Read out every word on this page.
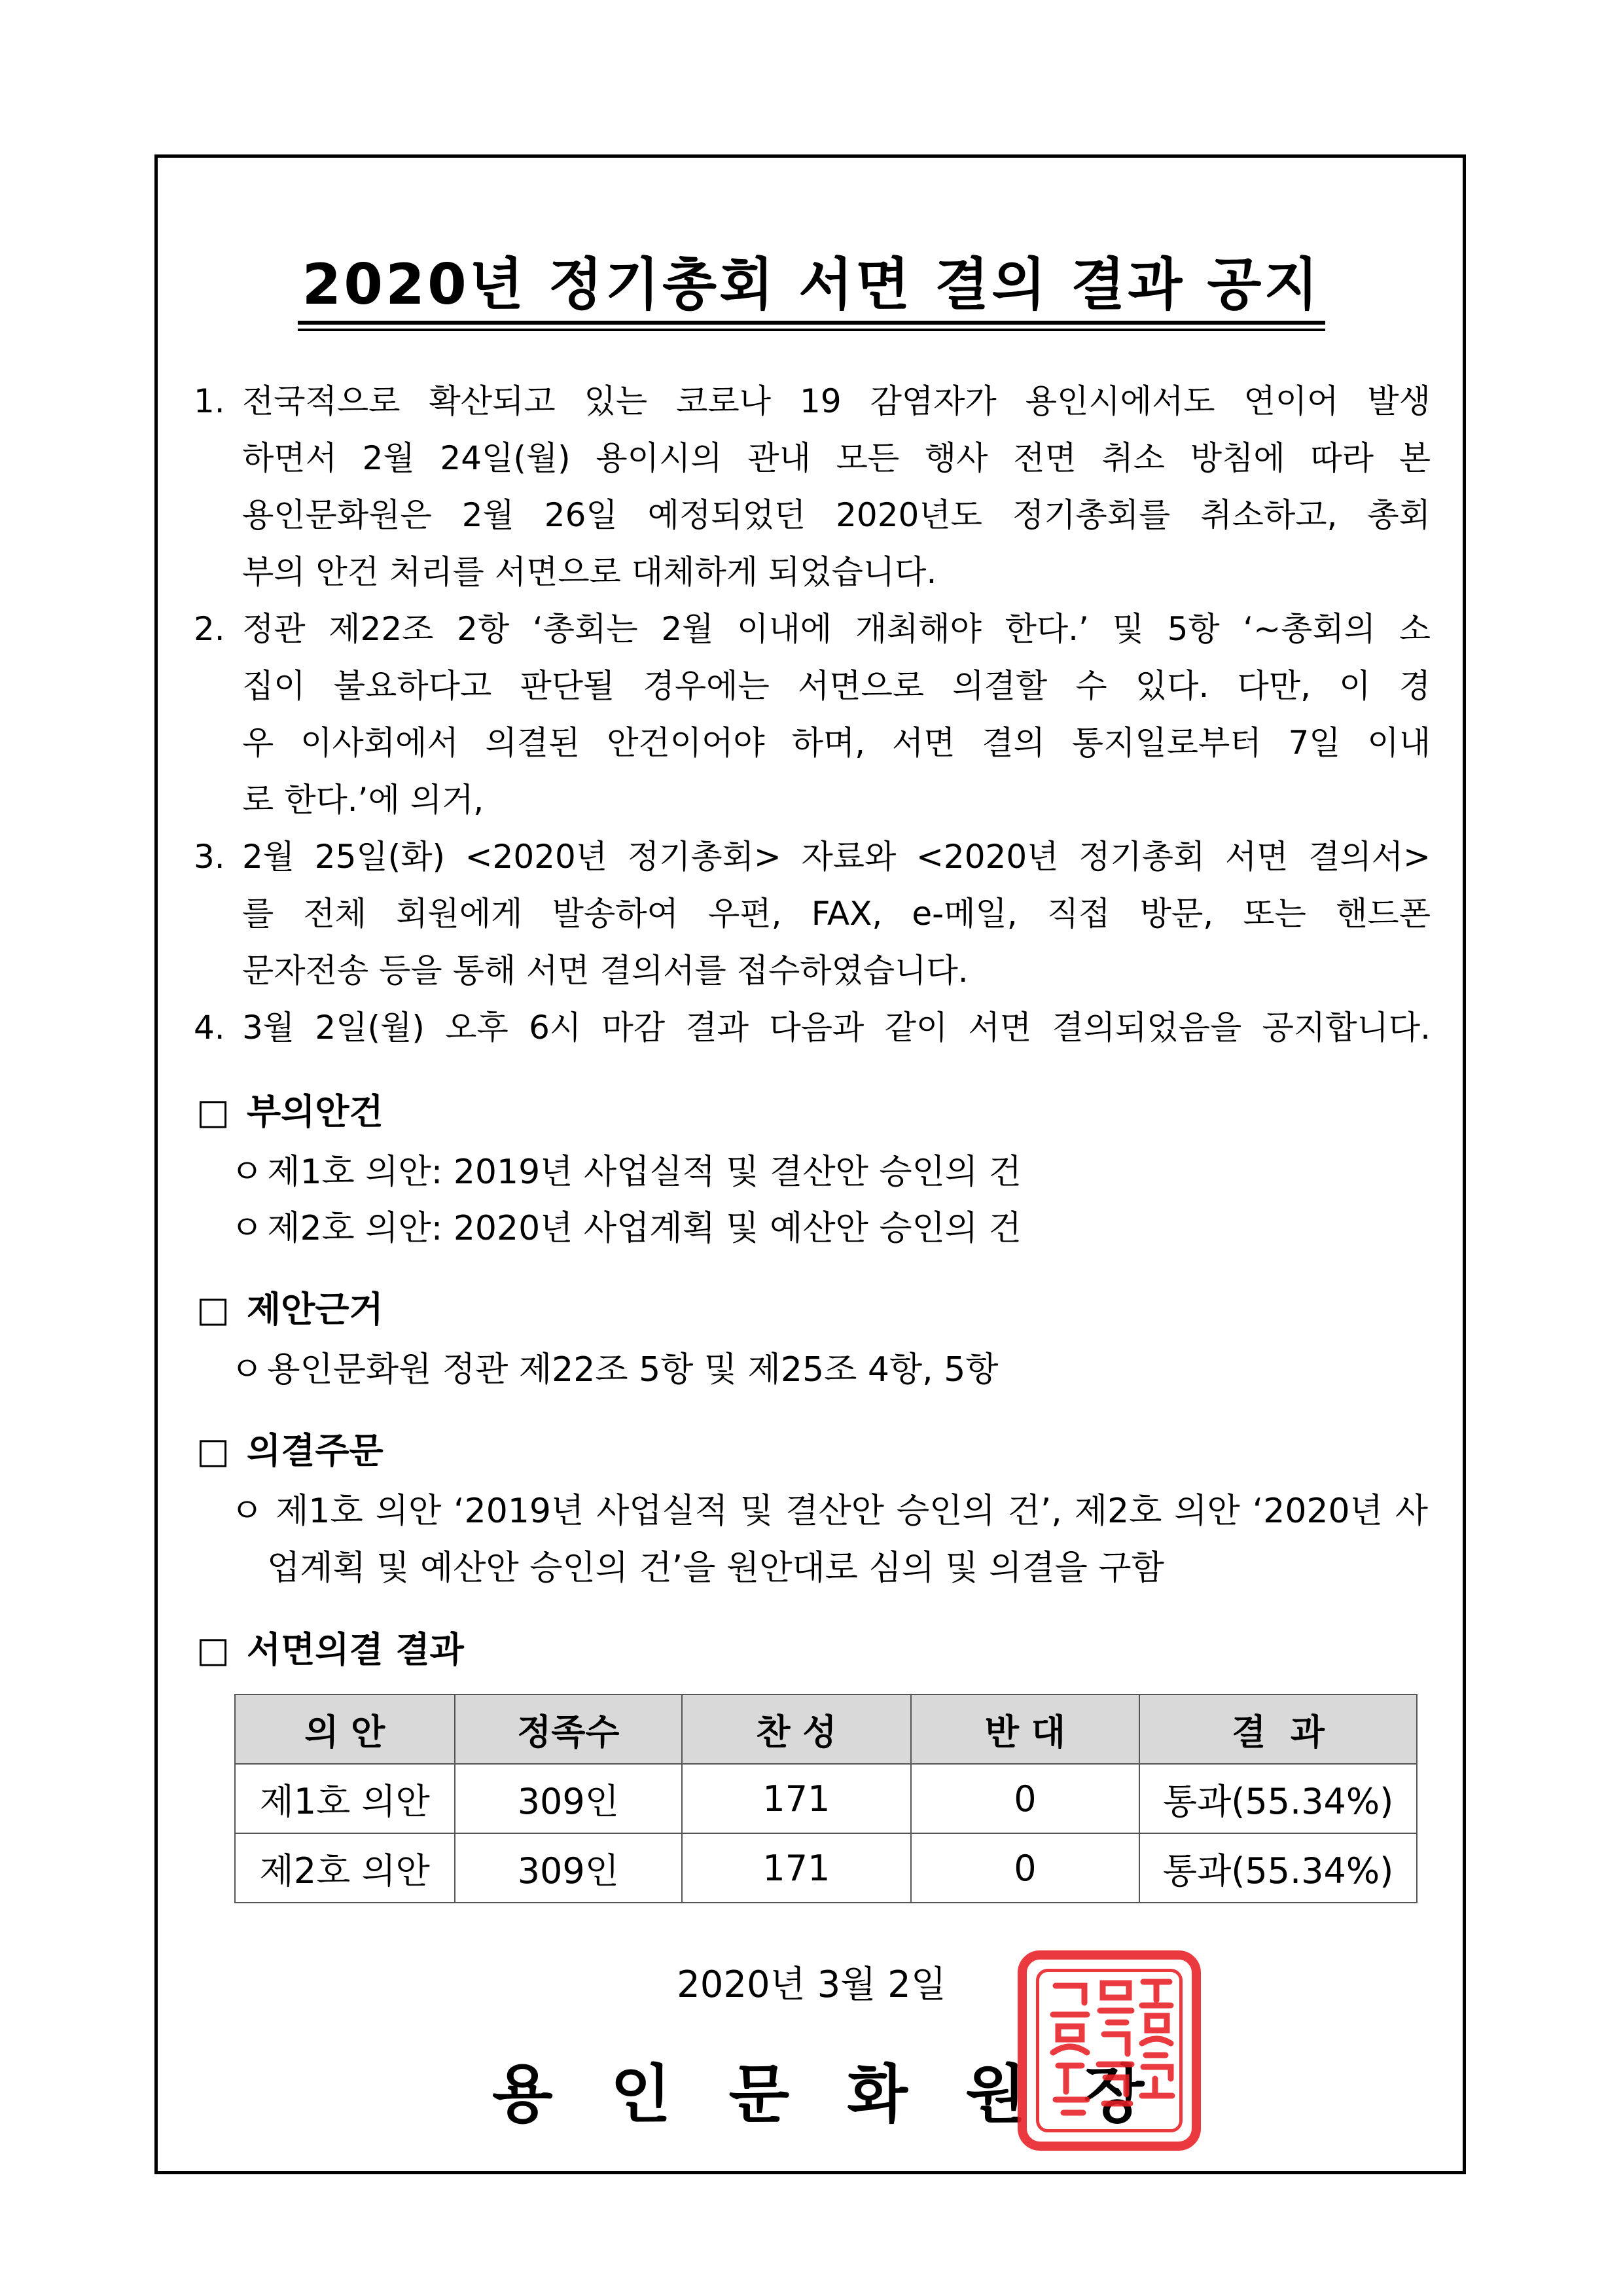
2020년 정기총회 서면 결의 결과 공지
1. 전국적으로 확산되고 있는 코로나 19 감염자가 용인시에서도 연이어 발생
하면서 2월 24일(월) 용이시의 관내 모든 행사 전면 취소 방침에 따라 본
용인문화원은 2월 26일 예정되었던 2020년도 정기총회를 취소하고, 총회
부의 안건 처리를 서면으로 대체하게 되었습니다.
2. 정관 제22조 2항 ‘총회는 2월 이내에 개최해야 한다.’ 및 5항 ‘~총회의 소
집이 불요하다고 판단될 경우에는 서면으로 의결할 수 있다. 다만, 이 경
우 이사회에서 의결된 안건이어야 하며, 서면 결의 통지일로부터 7일 이내
로 한다.’에 의거,
3. 2월 25일(화) <2020년 정기총회> 자료와 <2020년 정기총회 서면 결의서>
를 전체 회원에게 발송하여 우편, FAX, e-메일, 직접 방문, 또는 핸드폰
문자전송 등을 통해 서면 결의서를 접수하였습니다.
4. 3월 2일(월) 오후 6시 마감 결과 다음과 같이 서면 결의되었음을 공지합니다.
□ 부의안건
ㅇ 제1호 의안: 2019년 사업실적 및 결산안 승인의 건
ㅇ 제2호 의안: 2020년 사업계획 및 예산안 승인의 건
□ 제안근거
ㅇ 용인문화원 정관 제22조 5항 및 제25조 4항, 5항
□ 의결주문
ㅇ 제1호 의안 ‘2019년 사업실적 및 결산안 승인의 건’, 제2호 의안 ‘2020년 사
업계획 및 예산안 승인의 건’을 원안대로 심의 및 의결을 구함
□ 서면의결 결과
의 안	정족수	찬 성	반 대	결  과
제1호 의안	309인	171	0	통과(55.34%)
제2호 의안	309인	171	0	통과(55.34%)
2020년 3월 2일
용인문화원장
